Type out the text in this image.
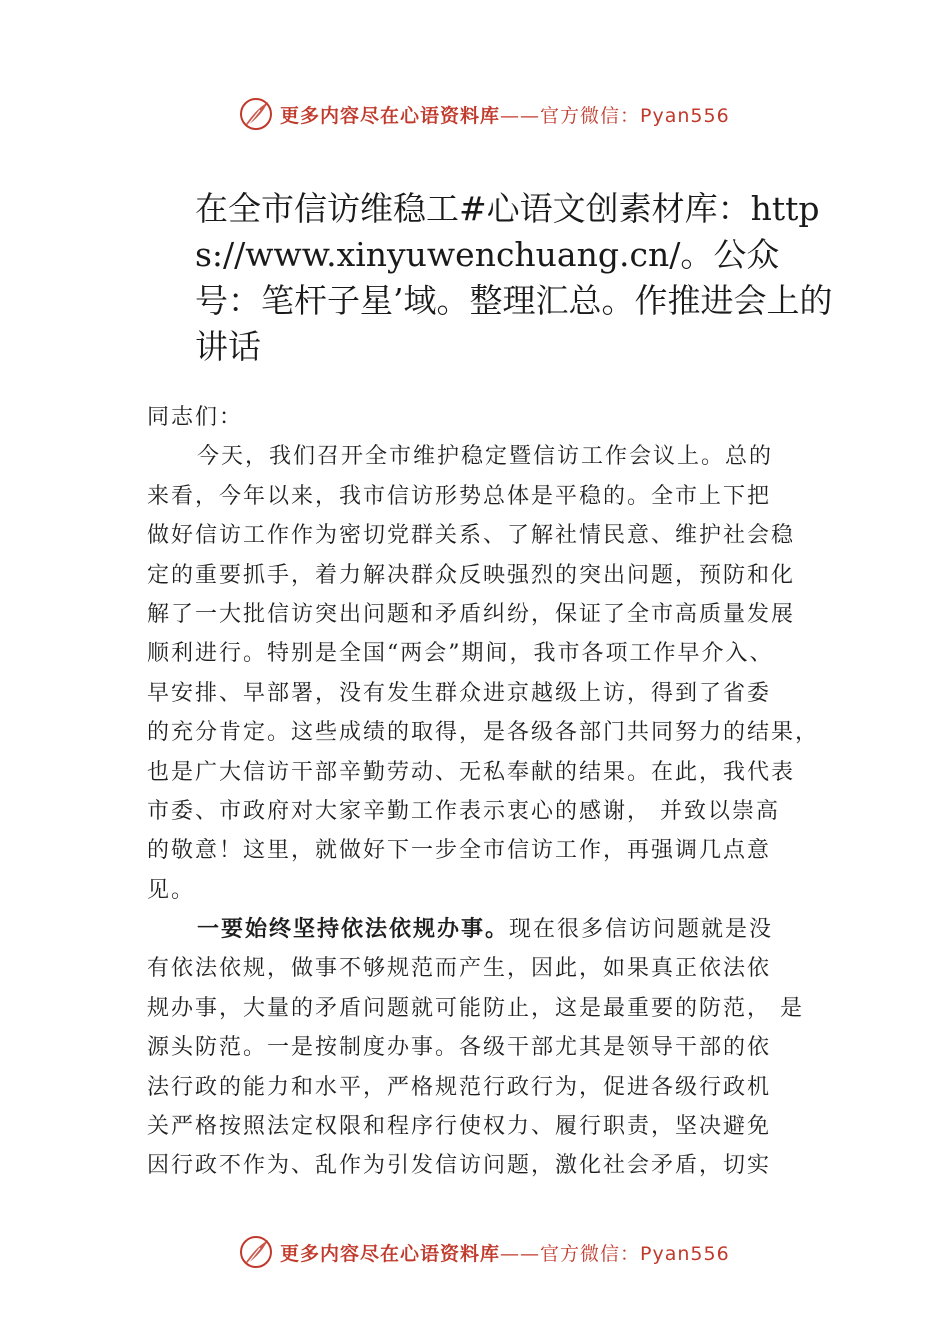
更多内容尽在心语资料库——官方微信：Pyan556
在全市信访维稳工#心语文创素材库：https://www.xinyuwenchuang.cn/。公众号：笔杆子星’域。整理汇总。作推进会上的讲话
同志们：
今天，我们召开全市维护稳定暨信访工作会议上。总的
来看，今年以来，我市信访形势总体是平稳的。全市上下把
做好信访工作作为密切党群关系、了解社情民意、维护社会稳
定的重要抓手，着力解决群众反映强烈的突出问题，预防和化
解了一大批信访突出问题和矛盾纠纷，保证了全市高质量发展
顺利进行。特别是全国“两会”期间，我市各项工作早介入、
早安排、早部署，没有发生群众进京越级上访，得到了省委
的充分肯定。这些成绩的取得，是各级各部门共同努力的结果，
也是广大信访干部辛勤劳动、无私奉献的结果。在此，我代表
市委、市政府对大家辛勤工作表示衷心的感谢， 并致以崇高
的敬意！这里，就做好下一步全市信访工作，再强调几点意
见。
一要始终坚持依法依规办事。现在很多信访问题就是没
有依法依规，做事不够规范而产生，因此，如果真正依法依
规办事，大量的矛盾问题就可能防止，这是最重要的防范， 是
源头防范。一是按制度办事。各级干部尤其是领导干部的依
法行政的能力和水平，严格规范行政行为，促进各级行政机
关严格按照法定权限和程序行使权力、履行职责，坚决避免
因行政不作为、乱作为引发信访问题，激化社会矛盾，切实
更多内容尽在心语资料库——官方微信：Pyan556
